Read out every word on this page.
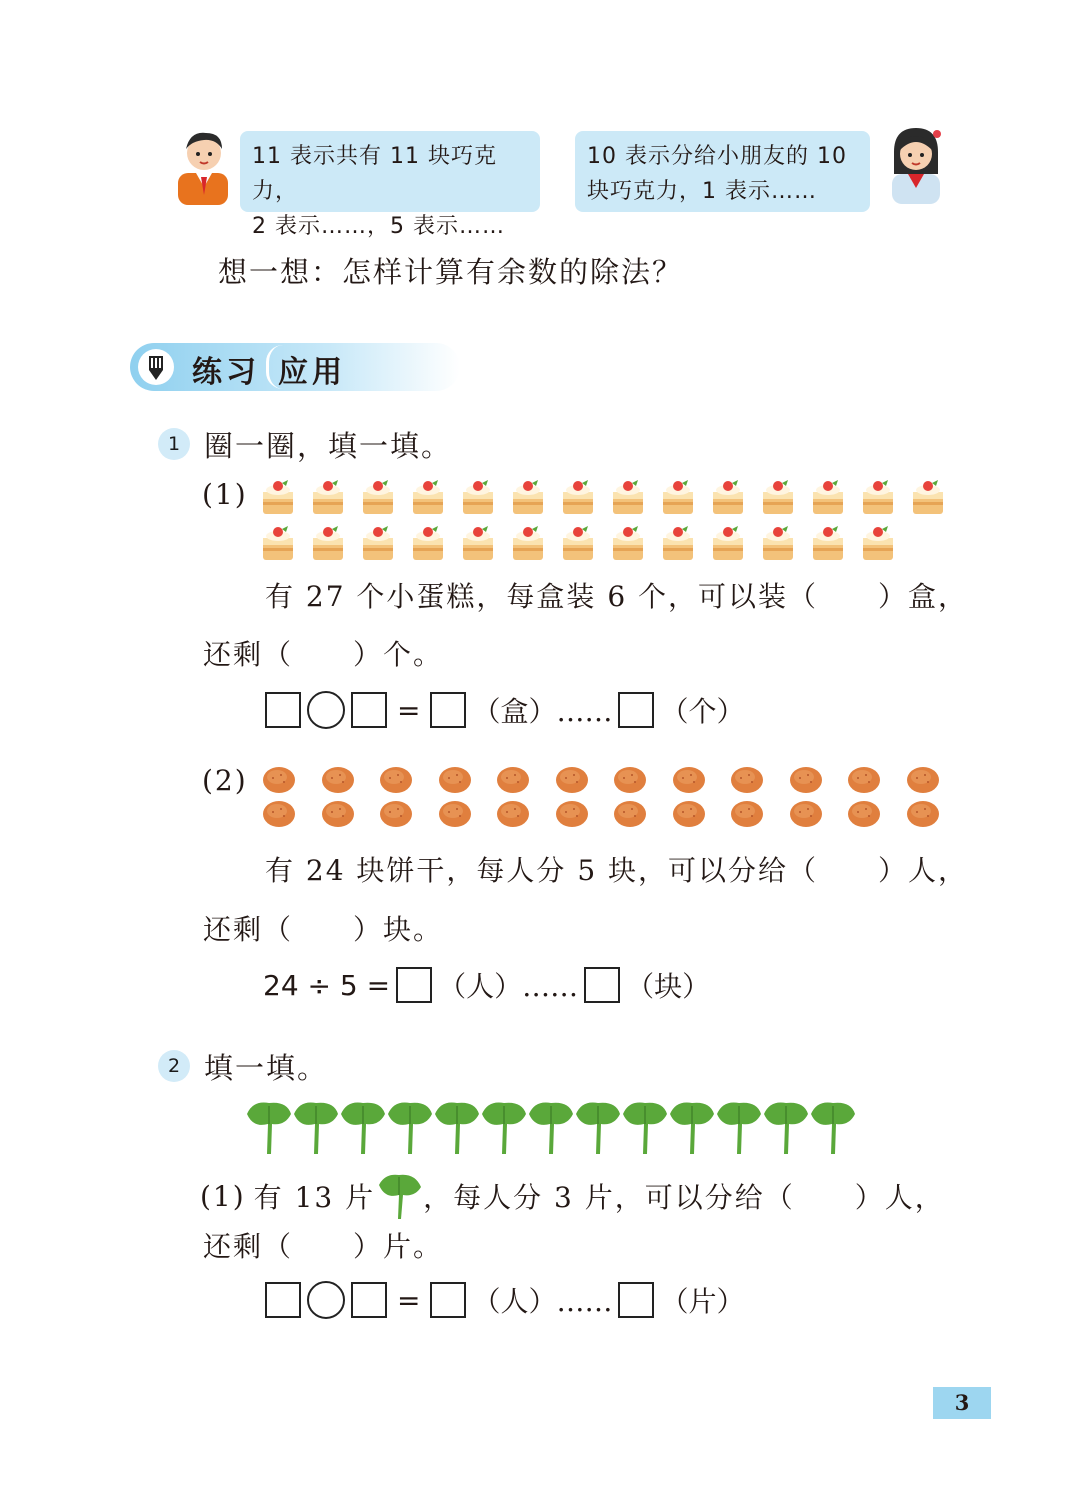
11 表示共有 11 块巧克力，
2 表示……，5 表示……
10 表示分给小朋友的 10
块巧克力，1 表示……
想一想：怎样计算有余数的除法？
练习 应用
1 圈一圈，填一填。
(1)
有 27 个小蛋糕，每盒装 6 个，可以装（　　）盒，
还剩（　　）个。
= （盒）…… （个）
(2)
有 24 块饼干，每人分 5 块，可以分给（　　）人，
还剩（　　）块。
24 ÷ 5 = （人）…… （块）
2 填一填。
(1) 有 13 片 ，每人分 3 片，可以分给（　　）人，
还剩（　　）片。
= （人）…… （片）
3
